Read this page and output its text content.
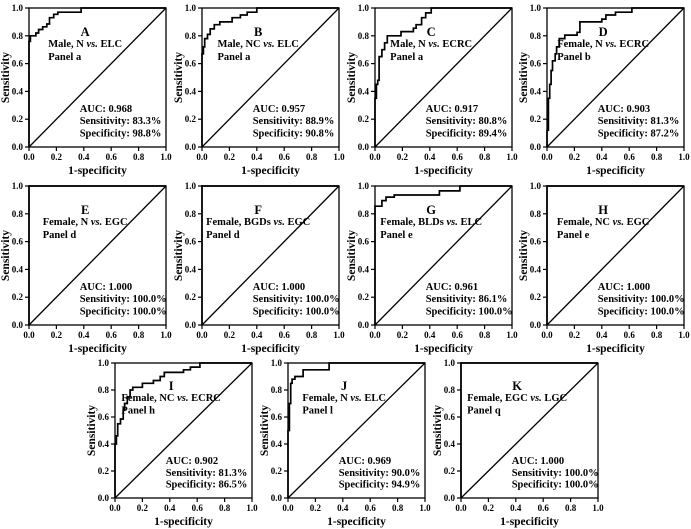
0.0
0.0
0.2
0.2
0.4
0.4
0.6
0.6
0.8
0.8
1.0
1.0
1-specificity
Sensitivity
A
Male, N vs. ELC
Panel a
AUC: 0.968
Sensitivity: 83.3%
Specificity: 98.8%
0.0
0.0
0.2
0.2
0.4
0.4
0.6
0.6
0.8
0.8
1.0
1.0
1-specificity
Sensitivity
B
Male, NC vs. ELC
Panel a
AUC: 0.957
Sensitivity: 88.9%
Specificity: 90.8%
0.0
0.0
0.2
0.2
0.4
0.4
0.6
0.6
0.8
0.8
1.0
1.0
1-specificity
Sensitivity
C
Male, N vs. ECRC
Panel a
AUC: 0.917
Sensitivity: 80.8%
Specificity: 89.4%
0.0
0.0
0.2
0.2
0.4
0.4
0.6
0.6
0.8
0.8
1.0
1.0
1-specificity
Sensitivity
D
Female, N vs. ECRC
Panel b
AUC: 0.903
Sensitivity: 81.3%
Specificity: 87.2%
0.0
0.0
0.2
0.2
0.4
0.4
0.6
0.6
0.8
0.8
1.0
1.0
1-specificity
Sensitivity
E
Female, N vs. EGC
Panel d
AUC: 1.000
Sensitivity: 100.0%
Specificity: 100.0%
0.0
0.0
0.2
0.2
0.4
0.4
0.6
0.6
0.8
0.8
1.0
1.0
1-specificity
Sensitivity
F
Female, BGDs vs. EGC
Panel d
AUC: 1.000
Sensitivity: 100.0%
Specificity: 100.0%
0.0
0.0
0.2
0.2
0.4
0.4
0.6
0.6
0.8
0.8
1.0
1.0
1-specificity
Sensitivity
G
Female, BLDs vs. ELC
Panel e
AUC: 0.961
Sensitivity: 86.1%
Specificity: 100.0%
0.0
0.0
0.2
0.2
0.4
0.4
0.6
0.6
0.8
0.8
1.0
1.0
1-specificity
Sensitivity
H
Female, NC vs. EGC
Panel e
AUC: 1.000
Sensitivity: 100.0%
Specificity: 100.0%
0.0
0.0
0.2
0.2
0.4
0.4
0.6
0.6
0.8
0.8
1.0
1.0
1-specificity
Sensitivity
I
Female, NC vs. ECRC
Panel h
AUC: 0.902
Sensitivity: 81.3%
Specificity: 86.5%
0.0
0.0
0.2
0.2
0.4
0.4
0.6
0.6
0.8
0.8
1.0
1.0
1-specificity
Sensitivity
J
Female, N vs. ELC
Panel l
AUC: 0.969
Sensitivity: 90.0%
Specificity: 94.9%
0.0
0.0
0.2
0.2
0.4
0.4
0.6
0.6
0.8
0.8
1.0
1.0
1-specificity
Sensitivity
K
Female, EGC vs. LGC
Panel q
AUC: 1.000
Sensitivity: 100.0%
Specificity: 100.0%
